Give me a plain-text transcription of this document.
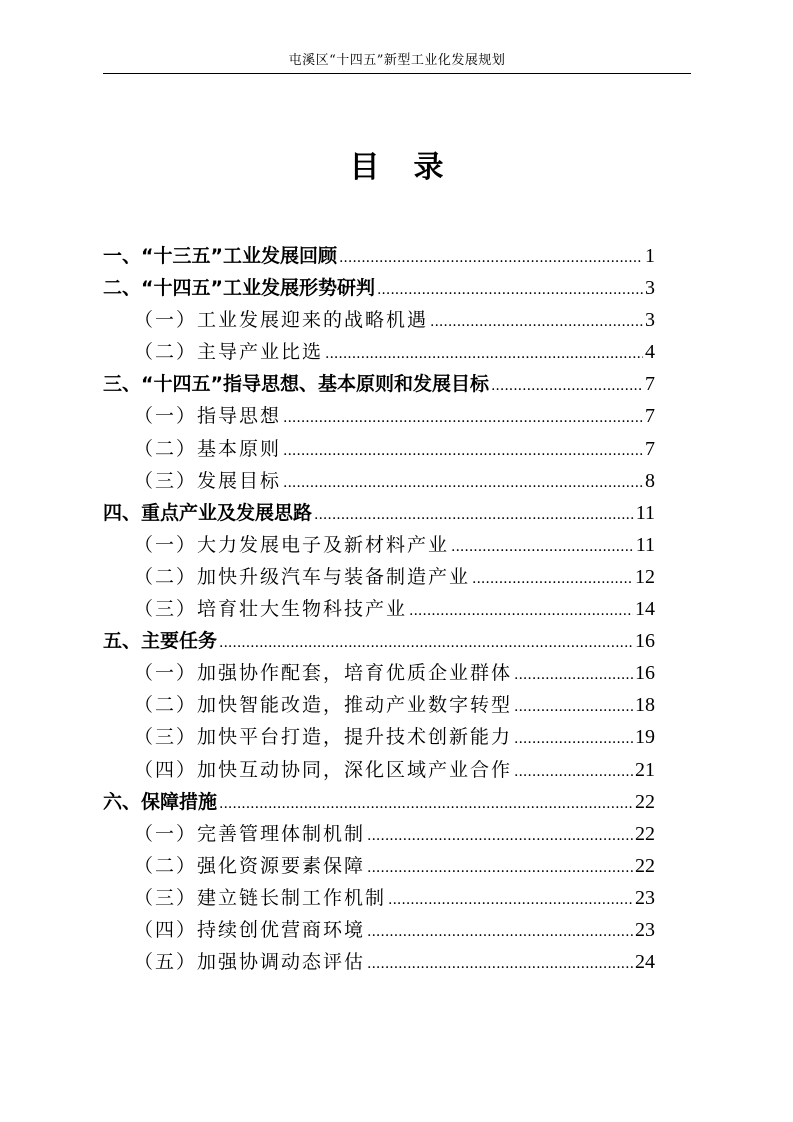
屯溪区“十四五”新型工业化发展规划
目录
一、“十三五”工业发展回顾 .....	1
二、“十四五”工业发展形势研判 .....	3
（一）工业发展迎来的战略机遇 .....	3
（二）主导产业比选 .....	4
三、“十四五”指导思想、基本原则和发展目标 .....	7
（一）指导思想 .....	7
（二）基本原则 .....	7
（三）发展目标 .....	8
四、重点产业及发展思路 .....	11
（一）大力发展电子及新材料产业 .....	11
（二）加快升级汽车与装备制造产业 .....	12
（三）培育壮大生物科技产业 .....	14
五、主要任务 .....	16
（一）加强协作配套，培育优质企业群体 .....	16
（二）加快智能改造，推动产业数字转型 .....	18
（三）加快平台打造，提升技术创新能力 .....	19
（四）加快互动协同，深化区域产业合作 .....	21
六、保障措施 .....	22
（一）完善管理体制机制 .....	22
（二）强化资源要素保障 .....	22
（三）建立链长制工作机制 .....	23
（四）持续创优营商环境 .....	23
（五）加强协调动态评估 .....	24
